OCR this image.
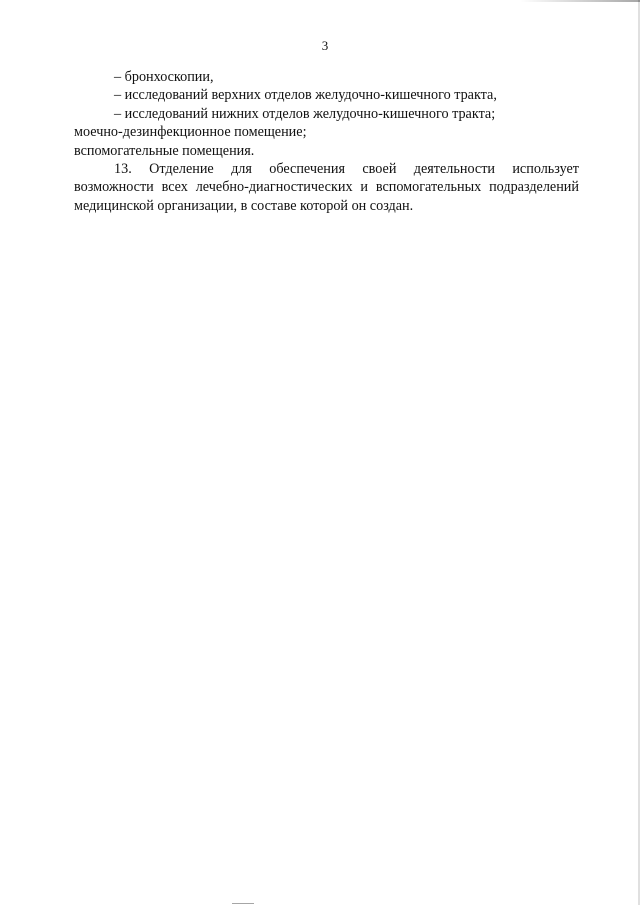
3

– бронхоскопии,

– исследований верхних отделов желудочно-кишечного тракта,

– исследований нижних отделов желудочно-кишечного тракта;

моечно-дезинфекционное помещение;

вспомогательные помещения.

13. Отделение для обеспечения своей деятельности использует возможности всех лечебно-диагностических и вспомогательных подразделений медицинской организации, в составе которой он создан.
